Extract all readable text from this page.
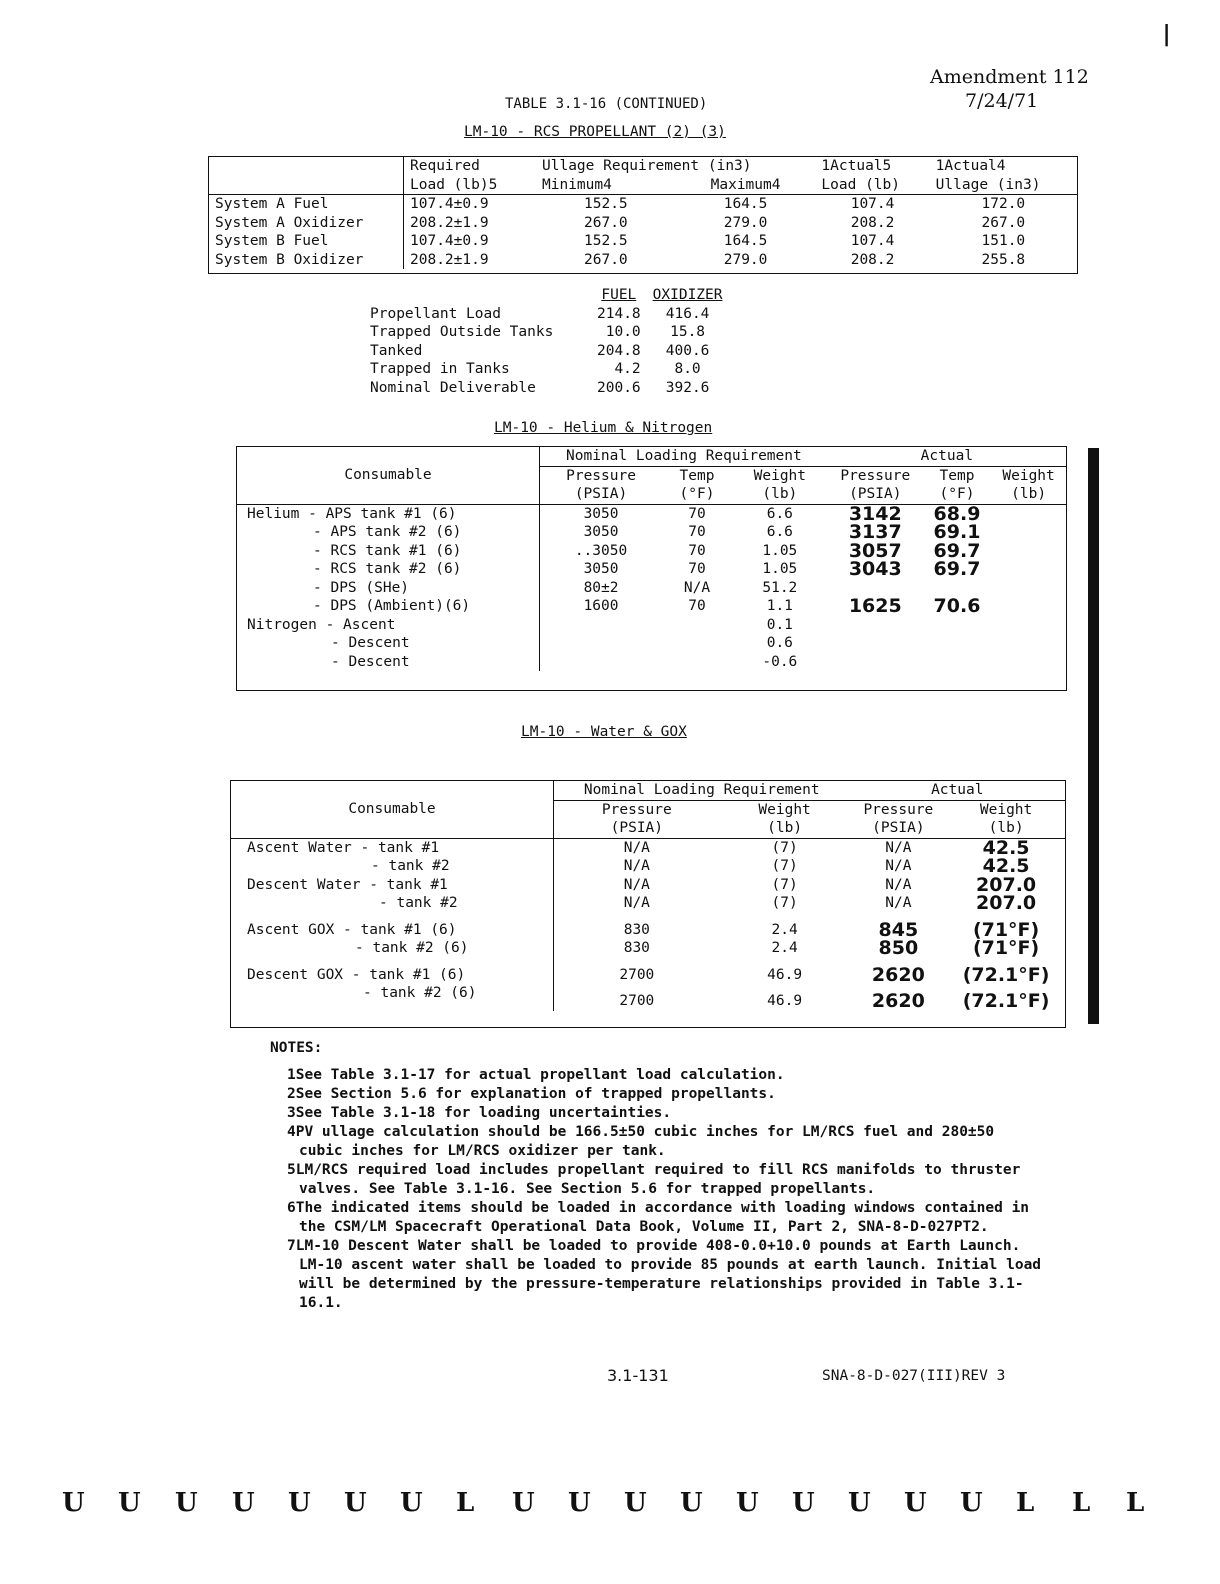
|
Amendment 112
7/24/71
TABLE 3.1-16 (CONTINUED)
LM-10 - RCS PROPELLANT (2) (3)
	Required	Ullage Requirement (in3)		1Actual5	1Actual4
	Load (lb)5	Minimum4	Maximum4	Load (lb)	Ullage (in3)
System A Fuel	107.4±0.9	152.5	164.5	107.4	172.0
System A Oxidizer	208.2±1.9	267.0	279.0	208.2	267.0
System B Fuel	107.4±0.9	152.5	164.5	107.4	151.0
System B Oxidizer	208.2±1.9	267.0	279.0	208.2	255.8
	FUEL	OXIDIZER
Propellant Load	214.8	416.4
Trapped Outside Tanks	10.0	15.8
Tanked	204.8	400.6
Trapped in Tanks	4.2	8.0
Nominal Deliverable	200.6	392.6
LM-10 - Helium & Nitrogen
Consumable	Nominal Loading Requirement			Actual		
	Pressure	Temp	Weight	Pressure	Temp	Weight
	(PSIA)	(°F)	(lb)	(PSIA)	(°F)	(lb)
Helium - APS tank #1 (6)	3050	70	6.6	3142	68.9	
- APS tank #2 (6)	3050	70	6.6	3137	69.1	
- RCS tank #1 (6)	..3050	70	1.05	3057	69.7	
- RCS tank #2 (6)	3050	70	1.05	3043	69.7	
- DPS (SHe)	80±2	N/A	51.2			
- DPS (Ambient)(6)	1600	70	1.1	1625	70.6	
Nitrogen - Ascent			0.1			
- Descent			0.6			
- Descent			-0.6			
LM-10 - Water & GOX
Consumable	Nominal Loading Requirement		Actual	
	Pressure	Weight	Pressure	Weight
	(PSIA)	(lb)	(PSIA)	(lb)
Ascent Water - tank #1	N/A	(7)	N/A	42.5
- tank #2	N/A	(7)	N/A	42.5
Descent Water - tank #1	N/A	(7)	N/A	207.0
- tank #2	N/A	(7)	N/A	207.0
Ascent GOX - tank #1 (6)	830	2.4	845	(71°F)
- tank #2 (6)	830	2.4	850	(71°F)
Descent GOX - tank #1 (6)	2700	46.9	2620	(72.1°F)
- tank #2 (6)	2700	46.9	2620	(72.1°F)
NOTES:
1See Table 3.1-17 for actual propellant load calculation.
2See Section 5.6 for explanation of trapped propellants.
3See Table 3.1-18 for loading uncertainties.
4PV ullage calculation should be 166.5±50 cubic inches for LM/RCS fuel and 280±50 cubic inches for LM/RCS oxidizer per tank.
5LM/RCS required load includes propellant required to fill RCS manifolds to thruster valves. See Table 3.1-16. See Section 5.6 for trapped propellants.
6The indicated items should be loaded in accordance with loading windows contained in the CSM/LM Spacecraft Operational Data Book, Volume II, Part 2, SNA-8-D-027PT2.
7LM-10 Descent Water shall be loaded to provide 408-0.0+10.0 pounds at Earth Launch. LM-10 ascent water shall be loaded to provide 85 pounds at earth launch. Initial load will be determined by the pressure-temperature relationships provided in Table 3.1-16.1.
3.1-131	SNA-8-D-027(III)REV 3
U U U U U U U L U U U U U U U U U L L L
